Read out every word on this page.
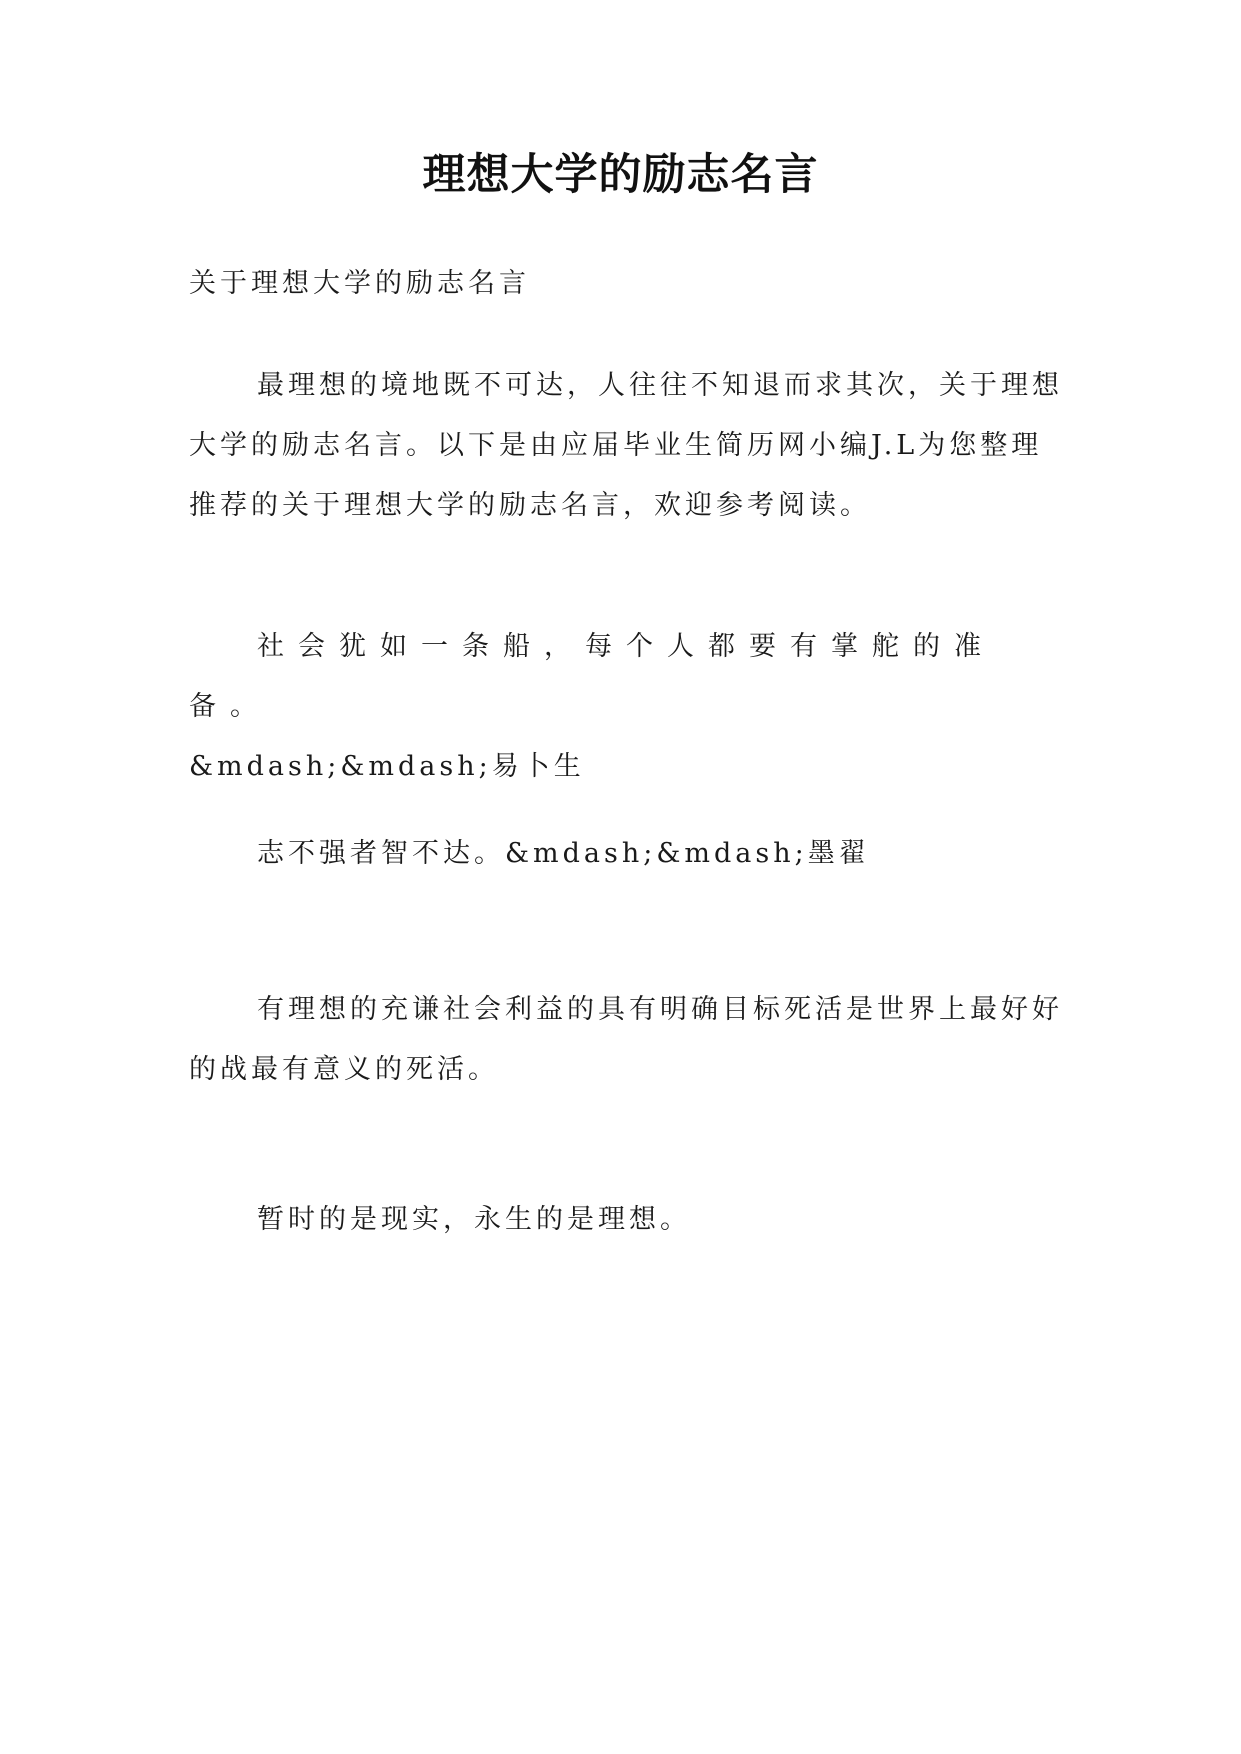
理想大学的励志名言

关于理想大学的励志名言

最理想的境地既不可达，人往往不知退而求其次，关于理想大学的励志名言。以下是由应届毕业生简历网小编J.L为您整理推荐的关于理想大学的励志名言，欢迎参考阅读。

社会犹如一条船，每个人都要有掌舵的准备。
&mdash;&mdash;易卜生

志不强者智不达。&mdash;&mdash;墨翟

有理想的充谦社会利益的具有明确目标死活是世界上最好好的战最有意义的死活。

暂时的是现实，永生的是理想。
